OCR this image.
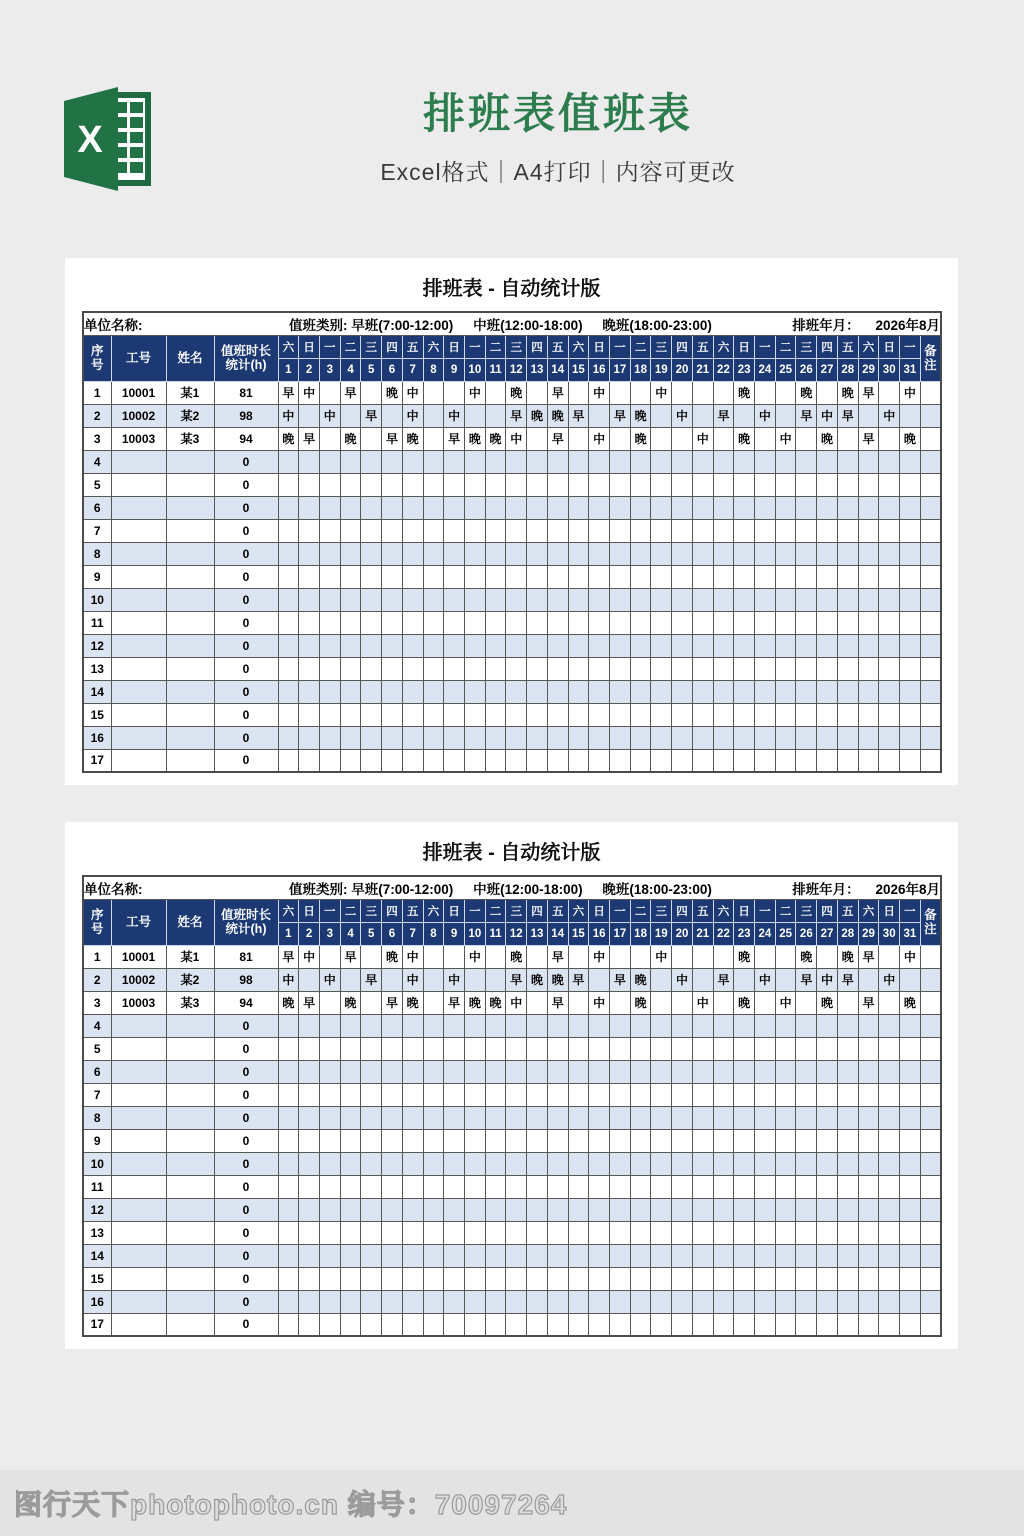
X
排班表值班表
Excel格式｜A4打印｜内容可更改
排班表 - 自动统计版
单位名称: 值班类别: 早班(7:00-12:00) 中班(12:00-18:00) 晚班(18:00-23:00) 排班年月： 2026年8月																																			

序
号	工号	姓名	值班时长
统计(h)	六	日	一	二	三	四	五	六	日	一	二	三	四	五	六	日	一	二	三	四	五	六	日	一	二	三	四	五	六	日	一	备注
				1	2	3	4	5	6	7	8	9	10	11	12	13	14	15	16	17	18	19	20	21	22	23	24	25	26	27	28	29	30	31	
1	10001	某1	81	早	中		早		晚	中			中		晚		早		中			中				晚			晚		晚	早		中	
2	10002	某2	98	中		中		早		中		中			早	晚	晚	早		早	晚		中		早		中		早	中	早		中		
3	10003	某3	94	晚	早		晚		早	晚		早	晚	晚	中		早		中		晚			中		晚		中		晚		早		晚	
4			0																																
5			0																																
6			0																																
7			0																																
8			0																																
9			0																																
10			0																																
11			0																																
12			0																																
13			0																																
14			0																																
15			0																																
16			0																																
17			0																																
排班表 - 自动统计版
单位名称: 值班类别: 早班(7:00-12:00) 中班(12:00-18:00) 晚班(18:00-23:00) 排班年月： 2026年8月																																			

序
号	工号	姓名	值班时长
统计(h)	六	日	一	二	三	四	五	六	日	一	二	三	四	五	六	日	一	二	三	四	五	六	日	一	二	三	四	五	六	日	一	备注
				1	2	3	4	5	6	7	8	9	10	11	12	13	14	15	16	17	18	19	20	21	22	23	24	25	26	27	28	29	30	31	
1	10001	某1	81	早	中		早		晚	中			中		晚		早		中			中				晚			晚		晚	早		中	
2	10002	某2	98	中		中		早		中		中			早	晚	晚	早		早	晚		中		早		中		早	中	早		中		
3	10003	某3	94	晚	早		晚		早	晚		早	晚	晚	中		早		中		晚			中		晚		中		晚		早		晚	
4			0																																
5			0																																
6			0																																
7			0																																
8			0																																
9			0																																
10			0																																
11			0																																
12			0																																
13			0																																
14			0																																
15			0																																
16			0																																
17			0																																
图行天下photophoto.cn 编号：70097264
